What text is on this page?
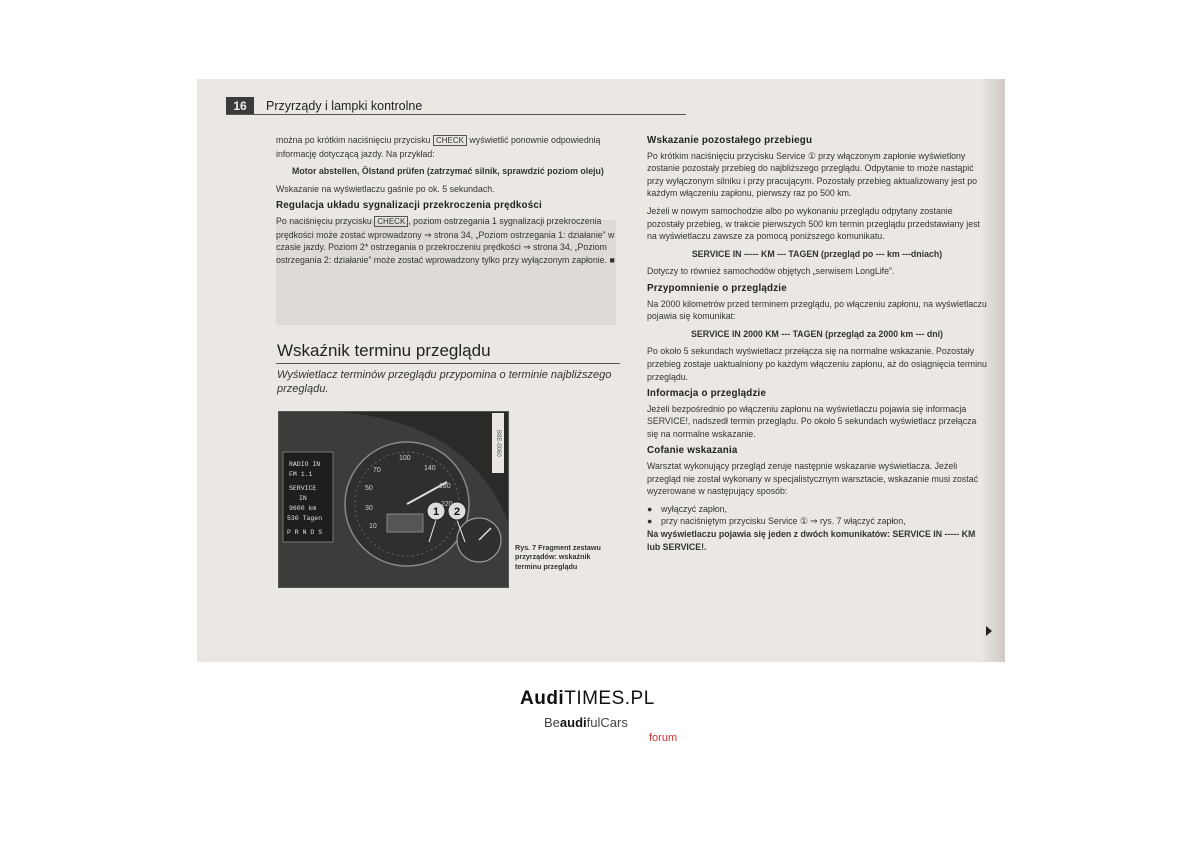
16	Przyrządy i lampki kontrolne

można po krótkim naciśnięciu przycisku CHECK wyświetlić ponownie odpowiednią informację dotyczącą jazdy. Na przykład:

Motor abstellen, Ölstand prüfen (zatrzymać silnik, sprawdzić poziom oleju)

Wskazanie na wyświetlaczu gaśnie po ok. 5 sekundach.

Regulacja układu sygnalizacji przekroczenia prędkości

Po naciśnięciu przycisku CHECK , poziom ostrzegania 1 sygnalizacji przekroczenia prędkości może zostać wprowadzony ⇒ strona 34, „Poziom ostrzegania 1: działanie” w czasie jazdy. Poziom 2* ostrzegania o przekroczeniu prędkości ⇒ strona 34, „Poziom ostrzegania 2: działanie” może zostać wprowadzony tylko przy wyłączonym zapłonie. ■

Wskaźnik terminu przeglądu
Wyświetlacz terminów przeglądu przypomina o terminie najbliższego przeglądu.
1 2
70
100
140
50	180
30
220
10
RADIO IN
FM 1.1
SERVICE
IN
9600 km
530 Tagen
P R N D S
B8E-0060
Rys. 7 Fragment zestawu przyrządów: wskaźnik terminu przeglądu
Wskazanie pozostałego przebiegu

Po krótkim naciśnięciu przycisku Service ① przy włączonym zapłonie wyświetlony zostanie pozostały przebieg do najbliższego przeglądu. Odpytanie to może nastąpić przy wyłączonym silniku i przy pracującym. Pozostały przebieg aktualizowany jest po każdym włączeniu zapłonu, pierwszy raz po 500 km.

Jeżeli w nowym samochodzie albo po wykonaniu przeglądu odpytany zostanie pozostały przebieg, w trakcie pierwszych 500 km termin przeglądu przedstawiany jest na wyświetlaczu zawsze za pomocą poniższego komunikatu.

SERVICE IN ----- KM --- TAGEN (przegląd po --- km ---dniach)

Dotyczy to również samochodów objętych „serwisem LongLife”.

Przypomnienie o przeglądzie

Na 2000 kilometrów przed terminem przeglądu, po włączeniu zapłonu, na wyświetlaczu pojawia się komunikat:

SERVICE IN 2000 KM --- TAGEN (przegląd za 2000 km --- dni)

Po około 5 sekundach wyświetlacz przełącza się na normalne wskazanie. Pozostały przebieg zostaje uaktualniony po każdym włączeniu zapłonu, aż do osiągnięcia terminu przeglądu.

Informacja o przeglądzie

Jeżeli bezpośrednio po włączeniu zapłonu na wyświetlaczu pojawia się informacja SERVICE!, nadszedł termin przeglądu. Po około 5 sekundach wyświetlacz przełącza się na normalne wskazanie.

Cofanie wskazania

Warsztat wykonujący przegląd zeruje następnie wskazanie wyświetlacza. Jeżeli przegląd nie został wykonany w specjalistycznym warsztacie, wskazanie musi zostać wyzerowane w następujący sposób:

● wyłączyć zapłon,
● przy naciśniętym przycisku Service ① ⇒ rys. 7 włączyć zapłon,

Na wyświetlaczu pojawia się jeden z dwóch komunikatów: SERVICE IN ----- KM lub SERVICE!.

AudiTIMES.PL
BeaudifulCars
forum
